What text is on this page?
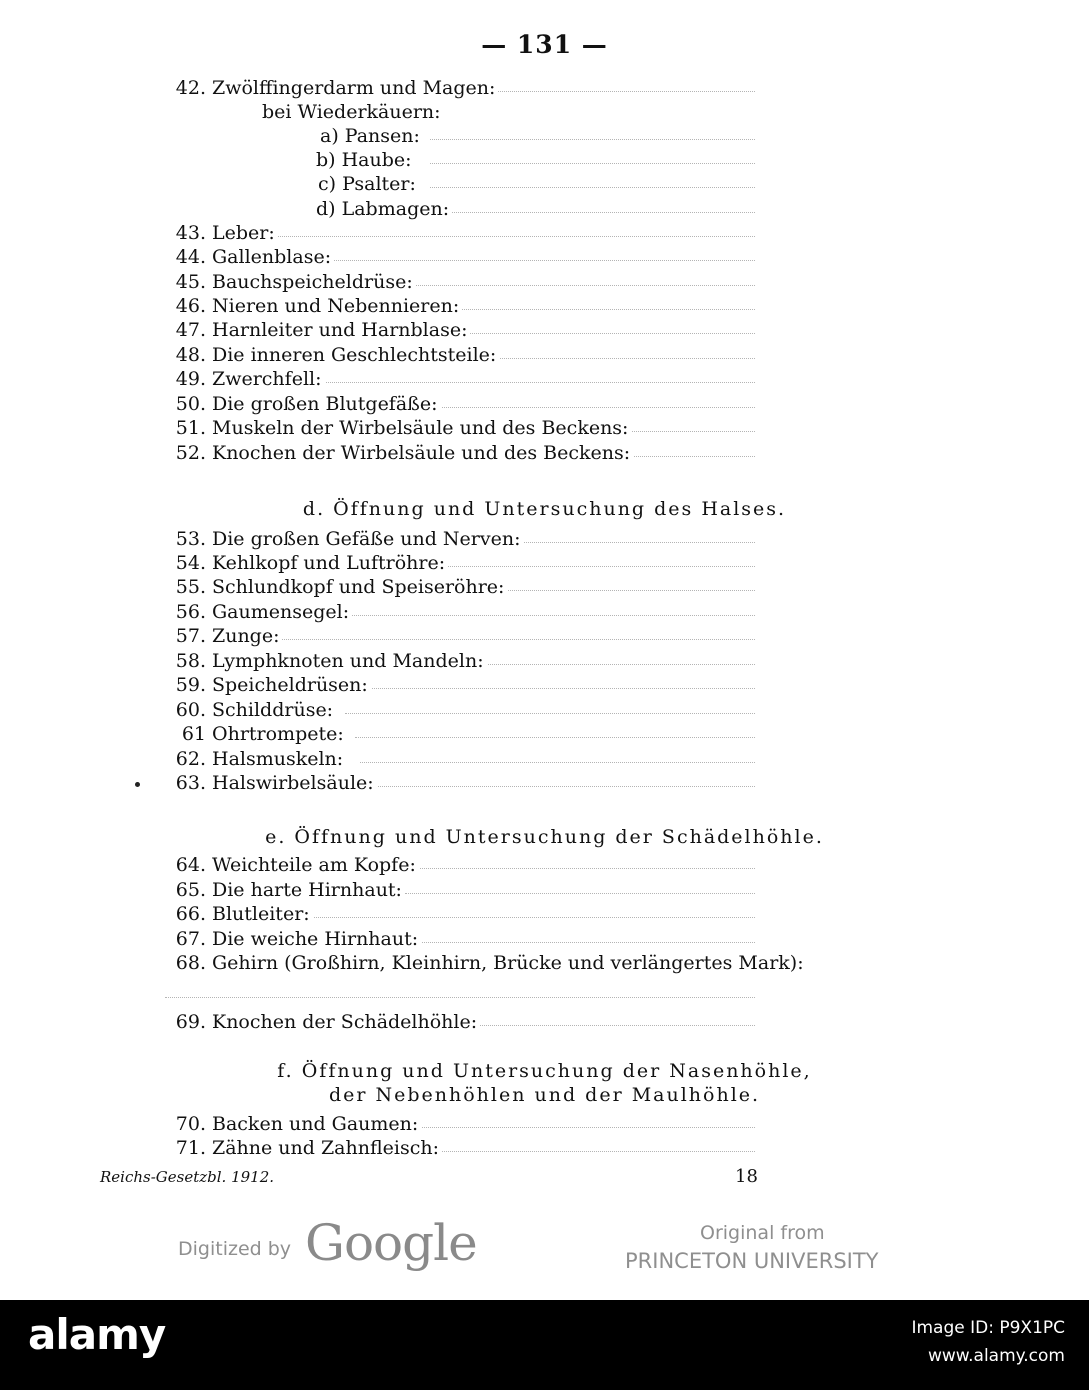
— 131 —
42. Zwölffingerdarm und Magen:
bei Wiederkäuern:
a) Pansen:
b) Haube:
c) Psalter:
d) Labmagen:
43. Leber:
44. Gallenblase:
45. Bauchspeicheldrüse:
46. Nieren und Nebennieren:
47. Harnleiter und Harnblase:
48. Die inneren Geschlechtsteile:
49. Zwerchfell:
50. Die großen Blutgefäße:
51. Muskeln der Wirbelsäule und des Beckens:
52. Knochen der Wirbelsäule und des Beckens:
d. Öffnung und Untersuchung des Halses.
53. Die großen Gefäße und Nerven:
54. Kehlkopf und Luftröhre:
55. Schlundkopf und Speiseröhre:
56. Gaumensegel:
57. Zunge:
58. Lymphknoten und Mandeln:
59. Speicheldrüsen:
60. Schilddrüse:
61 Ohrtrompete:
62. Halsmuskeln:
63. Halswirbelsäule:
e. Öffnung und Untersuchung der Schädelhöhle.
64. Weichteile am Kopfe:
65. Die harte Hirnhaut:
66. Blutleiter:
67. Die weiche Hirnhaut:
68. Gehirn (Großhirn, Kleinhirn, Brücke und verlängertes Mark):
69. Knochen der Schädelhöhle:
f. Öffnung und Untersuchung der Nasenhöhle,
der Nebenhöhlen und der Maulhöhle.
70. Backen und Gaumen:
71. Zähne und Zahnfleisch:
Reichs-Gesetzbl. 1912.	18
Digitized by Google	Original from
PRINCETON UNIVERSITY
alamy	Image ID: P9X1PC
www.alamy.com
